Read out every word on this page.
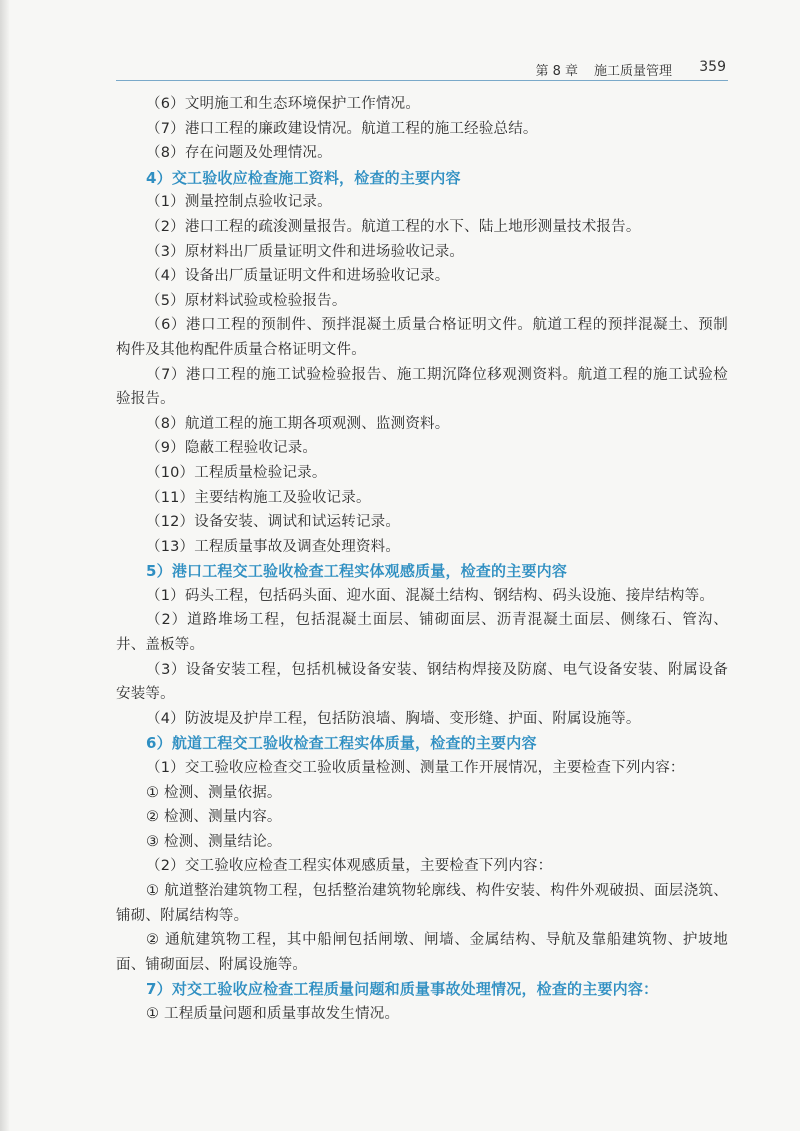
第 8 章 施工质量管理 359

（6）文明施工和生态环境保护工作情况。

（7）港口工程的廉政建设情况。航道工程的施工经验总结。

（8）存在问题及处理情况。

4）交工验收应检查施工资料，检查的主要内容

（1）测量控制点验收记录。

（2）港口工程的疏浚测量报告。航道工程的水下、陆上地形测量技术报告。

（3）原材料出厂质量证明文件和进场验收记录。

（4）设备出厂质量证明文件和进场验收记录。

（5）原材料试验或检验报告。

（6）港口工程的预制件、预拌混凝土质量合格证明文件。航道工程的预拌混凝土、预制构件及其他构配件质量合格证明文件。

（7）港口工程的施工试验检验报告、施工期沉降位移观测资料。航道工程的施工试验检验报告。

（8）航道工程的施工期各项观测、监测资料。

（9）隐蔽工程验收记录。

（10）工程质量检验记录。

（11）主要结构施工及验收记录。

（12）设备安装、调试和试运转记录。

（13）工程质量事故及调查处理资料。

5）港口工程交工验收检查工程实体观感质量，检查的主要内容

（1）码头工程，包括码头面、迎水面、混凝土结构、钢结构、码头设施、接岸结构等。

（2）道路堆场工程，包括混凝土面层、铺砌面层、沥青混凝土面层、侧缘石、管沟、井、盖板等。

（3）设备安装工程，包括机械设备安装、钢结构焊接及防腐、电气设备安装、附属设备安装等。

（4）防波堤及护岸工程，包括防浪墙、胸墙、变形缝、护面、附属设施等。

6）航道工程交工验收检查工程实体质量，检查的主要内容

（1）交工验收应检查交工验收质量检测、测量工作开展情况，主要检查下列内容：

① 检测、测量依据。

② 检测、测量内容。

③ 检测、测量结论。

（2）交工验收应检查工程实体观感质量，主要检查下列内容：

① 航道整治建筑物工程，包括整治建筑物轮廓线、构件安装、构件外观破损、面层浇筑、铺砌、附属结构等。

② 通航建筑物工程，其中船闸包括闸墩、闸墙、金属结构、导航及靠船建筑物、护坡地面、铺砌面层、附属设施等。

7）对交工验收应检查工程质量问题和质量事故处理情况，检查的主要内容：

① 工程质量问题和质量事故发生情况。
